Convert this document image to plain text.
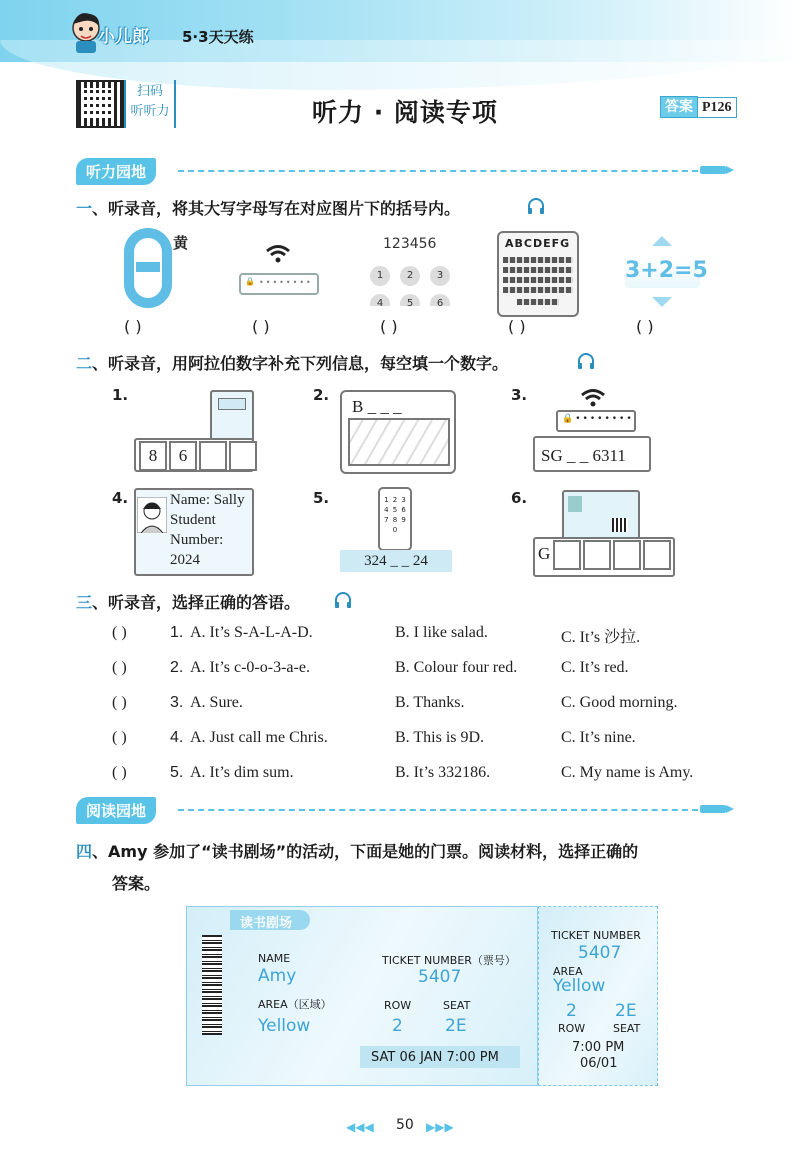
小儿郎 5·3天天练
扫码
听听力	听力 · 阅读专项	答案 P126
听力园地
一、听录音，将其大写字母写在对应图片下的括号内。
黄
🔒 ••••••••
123456
1	2	3
4	5	6
ABCDEFG
3+2=5
( )	( )	( )	( )	( )
二、听录音，用阿拉伯数字补充下列信息，每空填一个数字。
1.
8	6
2.
B _ _ _
3.
🔒••••••••
SG _ _ 6311
4.	Name: Sally
Student
Number:
2024
5.	1 2 3
4 5 6
7 8 9
0
324 _ _ 24
6.
G
三、听录音，选择正确的答语。
( )	1. A. It’s S-A-L-A-D.	B. I like salad.	C. It’s 沙拉.
( )	2. A. It’s c-0-o-3-a-e.	B. Colour four red.	C. It’s red.
( )	3. A. Sure.	B. Thanks.	C. Good morning.
( )	4. A. Just call me Chris.	B. This is 9D.	C. It’s nine.
( )	5. A. It’s dim sum.	B. It’s 332186.	C. My name is Amy.
阅读园地
四、Amy 参加了“读书剧场”的活动，下面是她的门票。阅读材料，选择正确的
答案。
读书剧场
NAME
Amy
AREA（区域）
Yellow
TICKET NUMBER（票号）
5407
ROW	SEAT
2 2E
SAT 06 JAN 7:00 PM
TICKET NUMBER
5407
AREA
Yellow
2 2E
ROW	SEAT
7:00 PM
06/01
◀◀◀ 50 ▶▶▶
